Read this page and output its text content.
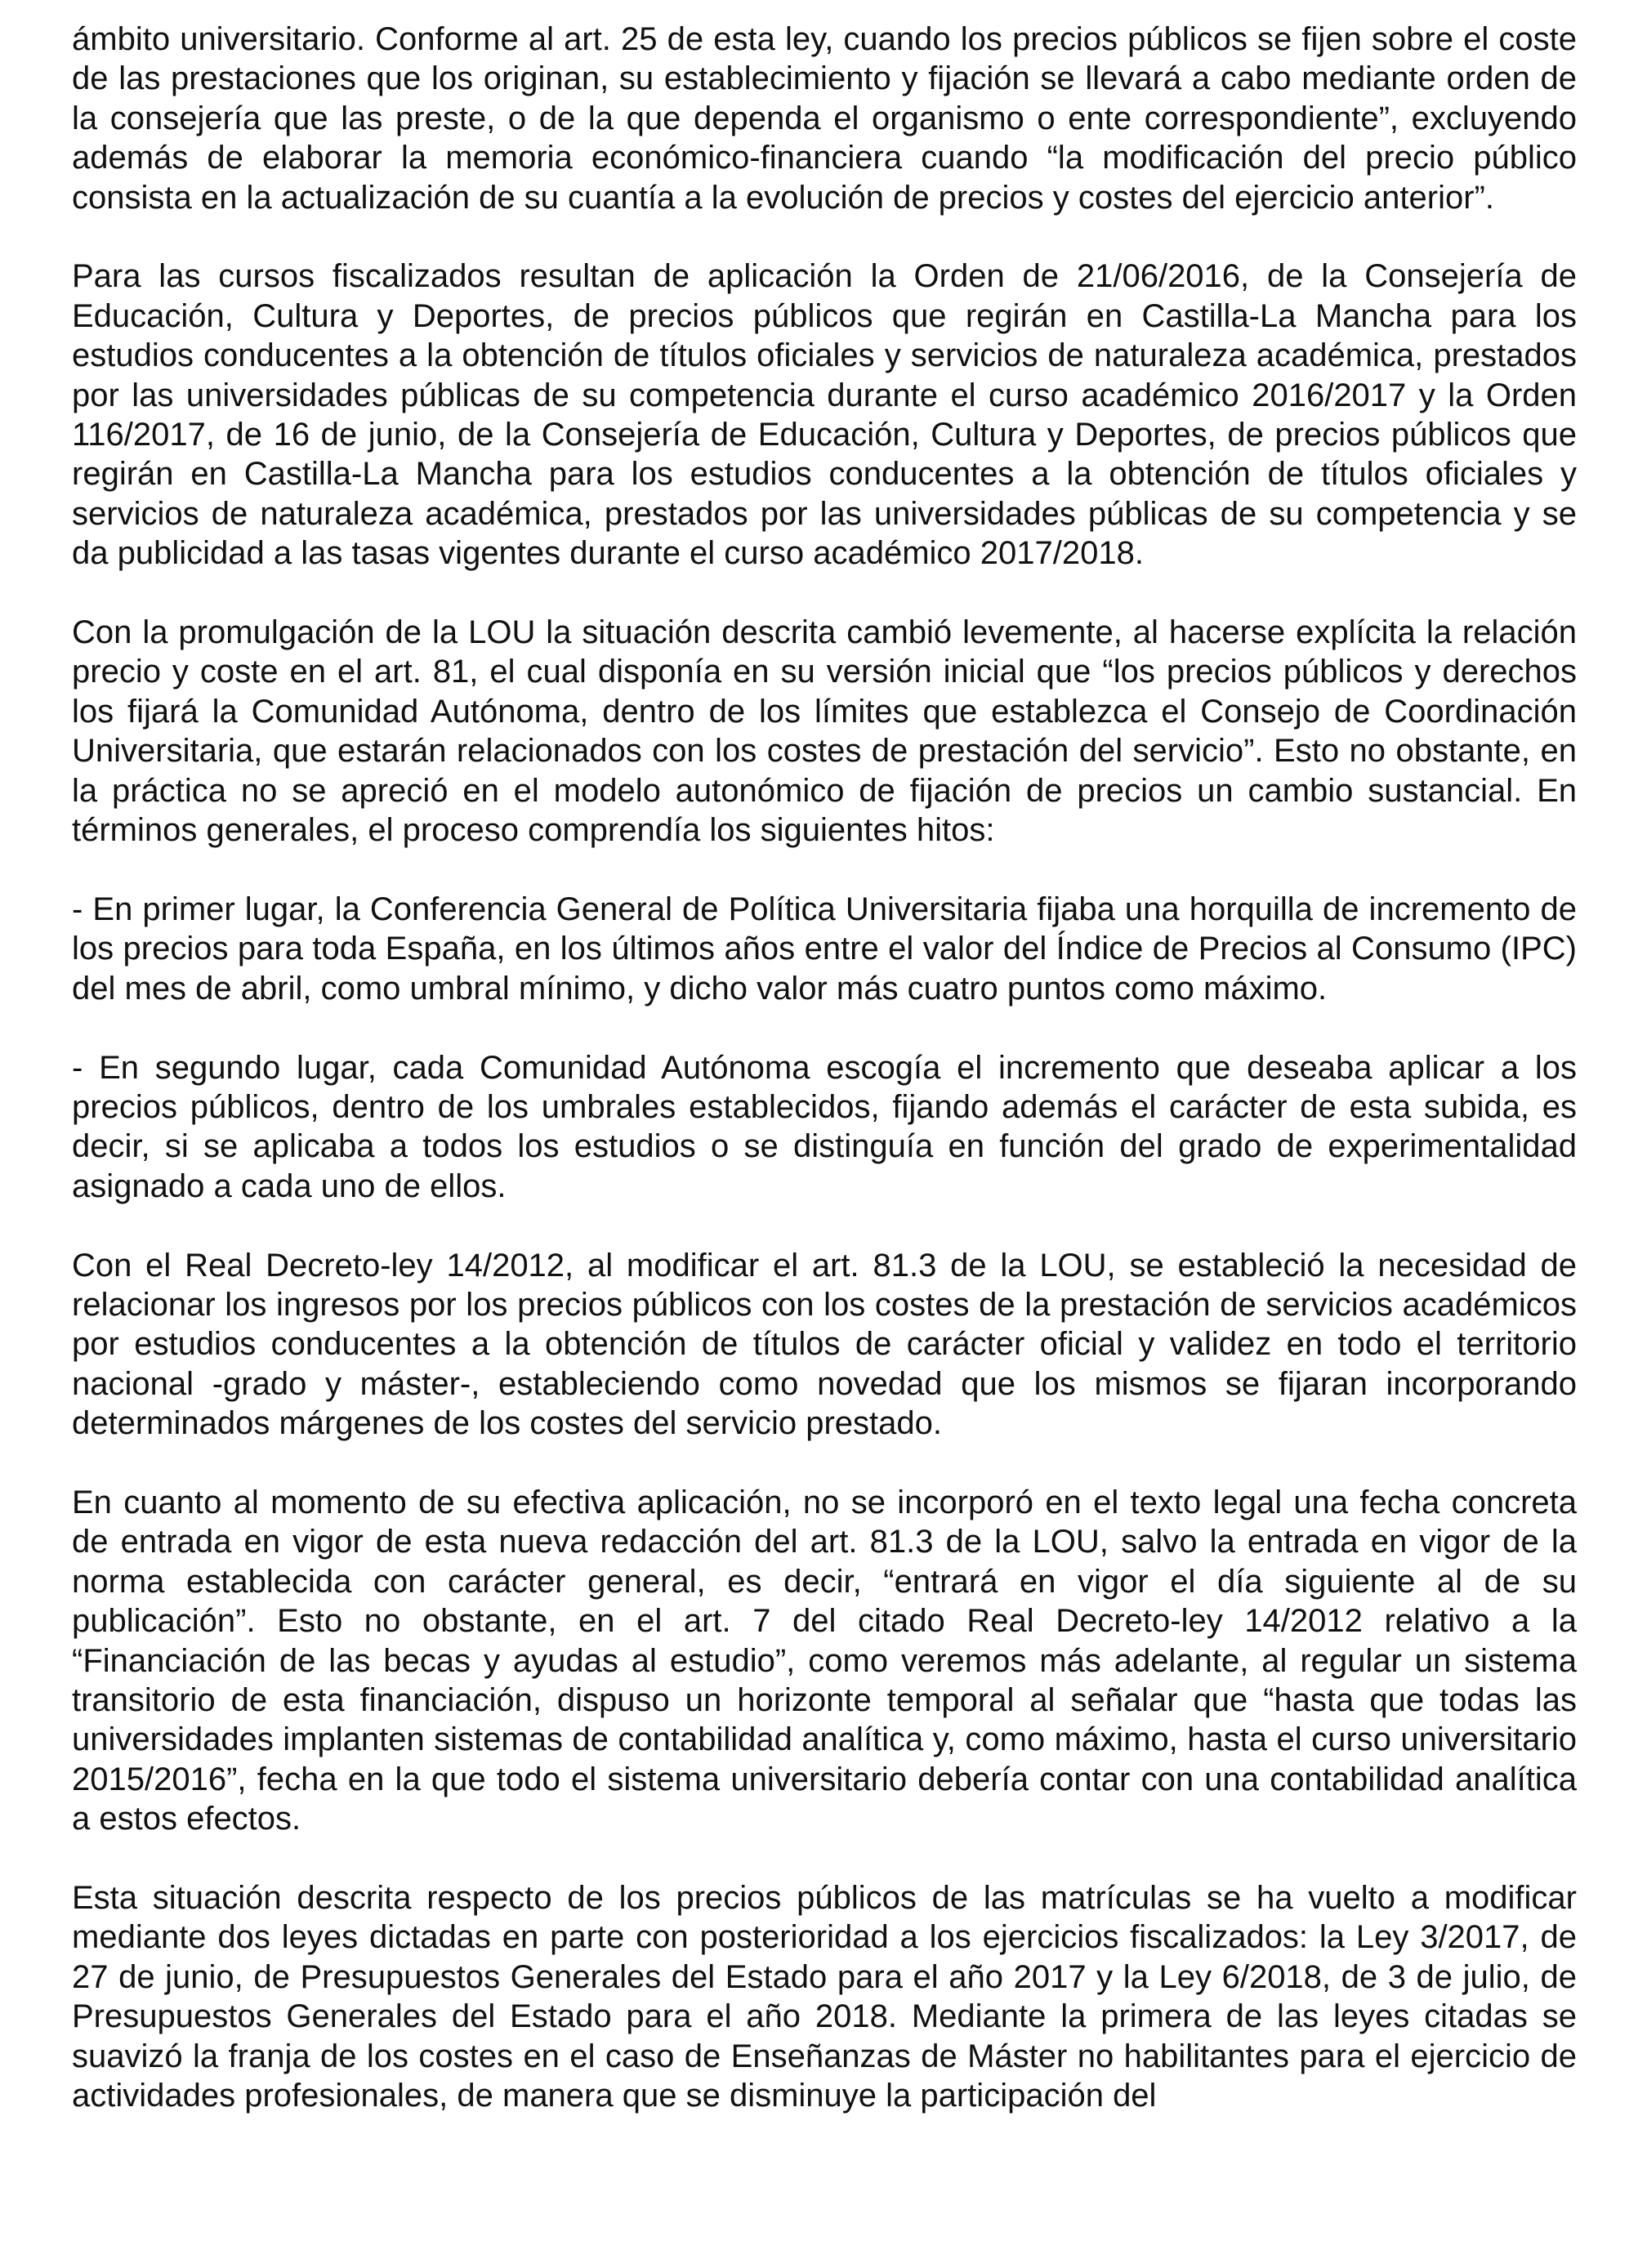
ámbito universitario. Conforme al art. 25 de esta ley, cuando los precios públicos se fijen sobre el coste de las prestaciones que los originan, su establecimiento y fijación se llevará a cabo mediante orden de la consejería que las preste, o de la que dependa el organismo o ente correspondiente”, excluyendo además de elaborar la memoria económico-financiera cuando “la modificación del precio público consista en la actualización de su cuantía a la evolución de precios y costes del ejercicio anterior”.

Para las cursos fiscalizados resultan de aplicación la Orden de 21/06/2016, de la Consejería de Educación, Cultura y Deportes, de precios públicos que regirán en Castilla-La Mancha para los estudios conducentes a la obtención de títulos oficiales y servicios de naturaleza académica, prestados por las universidades públicas de su competencia durante el curso académico 2016/2017 y la Orden 116/2017, de 16 de junio, de la Consejería de Educación, Cultura y Deportes, de precios públicos que regirán en Castilla-La Mancha para los estudios conducentes a la obtención de títulos oficiales y servicios de naturaleza académica, prestados por las universidades públicas de su competencia y se da publicidad a las tasas vigentes durante el curso académico 2017/2018.

Con la promulgación de la LOU la situación descrita cambió levemente, al hacerse explícita la relación precio y coste en el art. 81, el cual disponía en su versión inicial que “los precios públicos y derechos los fijará la Comunidad Autónoma, dentro de los límites que establezca el Consejo de Coordinación Universitaria, que estarán relacionados con los costes de prestación del servicio”. Esto no obstante, en la práctica no se apreció en el modelo autonómico de fijación de precios un cambio sustancial. En términos generales, el proceso comprendía los siguientes hitos:

- En primer lugar, la Conferencia General de Política Universitaria fijaba una horquilla de incremento de los precios para toda España, en los últimos años entre el valor del Índice de Precios al Consumo (IPC) del mes de abril, como umbral mínimo, y dicho valor más cuatro puntos como máximo.

- En segundo lugar, cada Comunidad Autónoma escogía el incremento que deseaba aplicar a los precios públicos, dentro de los umbrales establecidos, fijando además el carácter de esta subida, es decir, si se aplicaba a todos los estudios o se distinguía en función del grado de experimentalidad asignado a cada uno de ellos.

Con el Real Decreto-ley 14/2012, al modificar el art. 81.3 de la LOU, se estableció la necesidad de relacionar los ingresos por los precios públicos con los costes de la prestación de servicios académicos por estudios conducentes a la obtención de títulos de carácter oficial y validez en todo el territorio nacional -grado y máster-, estableciendo como novedad que los mismos se fijaran incorporando determinados márgenes de los costes del servicio prestado.

En cuanto al momento de su efectiva aplicación, no se incorporó en el texto legal una fecha concreta de entrada en vigor de esta nueva redacción del art. 81.3 de la LOU, salvo la entrada en vigor de la norma establecida con carácter general, es decir, “entrará en vigor el día siguiente al de su publicación”. Esto no obstante, en el art. 7 del citado Real Decreto-ley 14/2012 relativo a la “Financiación de las becas y ayudas al estudio”, como veremos más adelante, al regular un sistema transitorio de esta financiación, dispuso un horizonte temporal al señalar que “hasta que todas las universidades implanten sistemas de contabilidad analítica y, como máximo, hasta el curso universitario 2015/2016”, fecha en la que todo el sistema universitario debería contar con una contabilidad analítica a estos efectos.

Esta situación descrita respecto de los precios públicos de las matrículas se ha vuelto a modificar mediante dos leyes dictadas en parte con posterioridad a los ejercicios fiscalizados: la Ley 3/2017, de 27 de junio, de Presupuestos Generales del Estado para el año 2017 y la Ley 6/2018, de 3 de julio, de Presupuestos Generales del Estado para el año 2018. Mediante la primera de las leyes citadas se suavizó la franja de los costes en el caso de Enseñanzas de Máster no habilitantes para el ejercicio de actividades profesionales, de manera que se disminuye la participación del
